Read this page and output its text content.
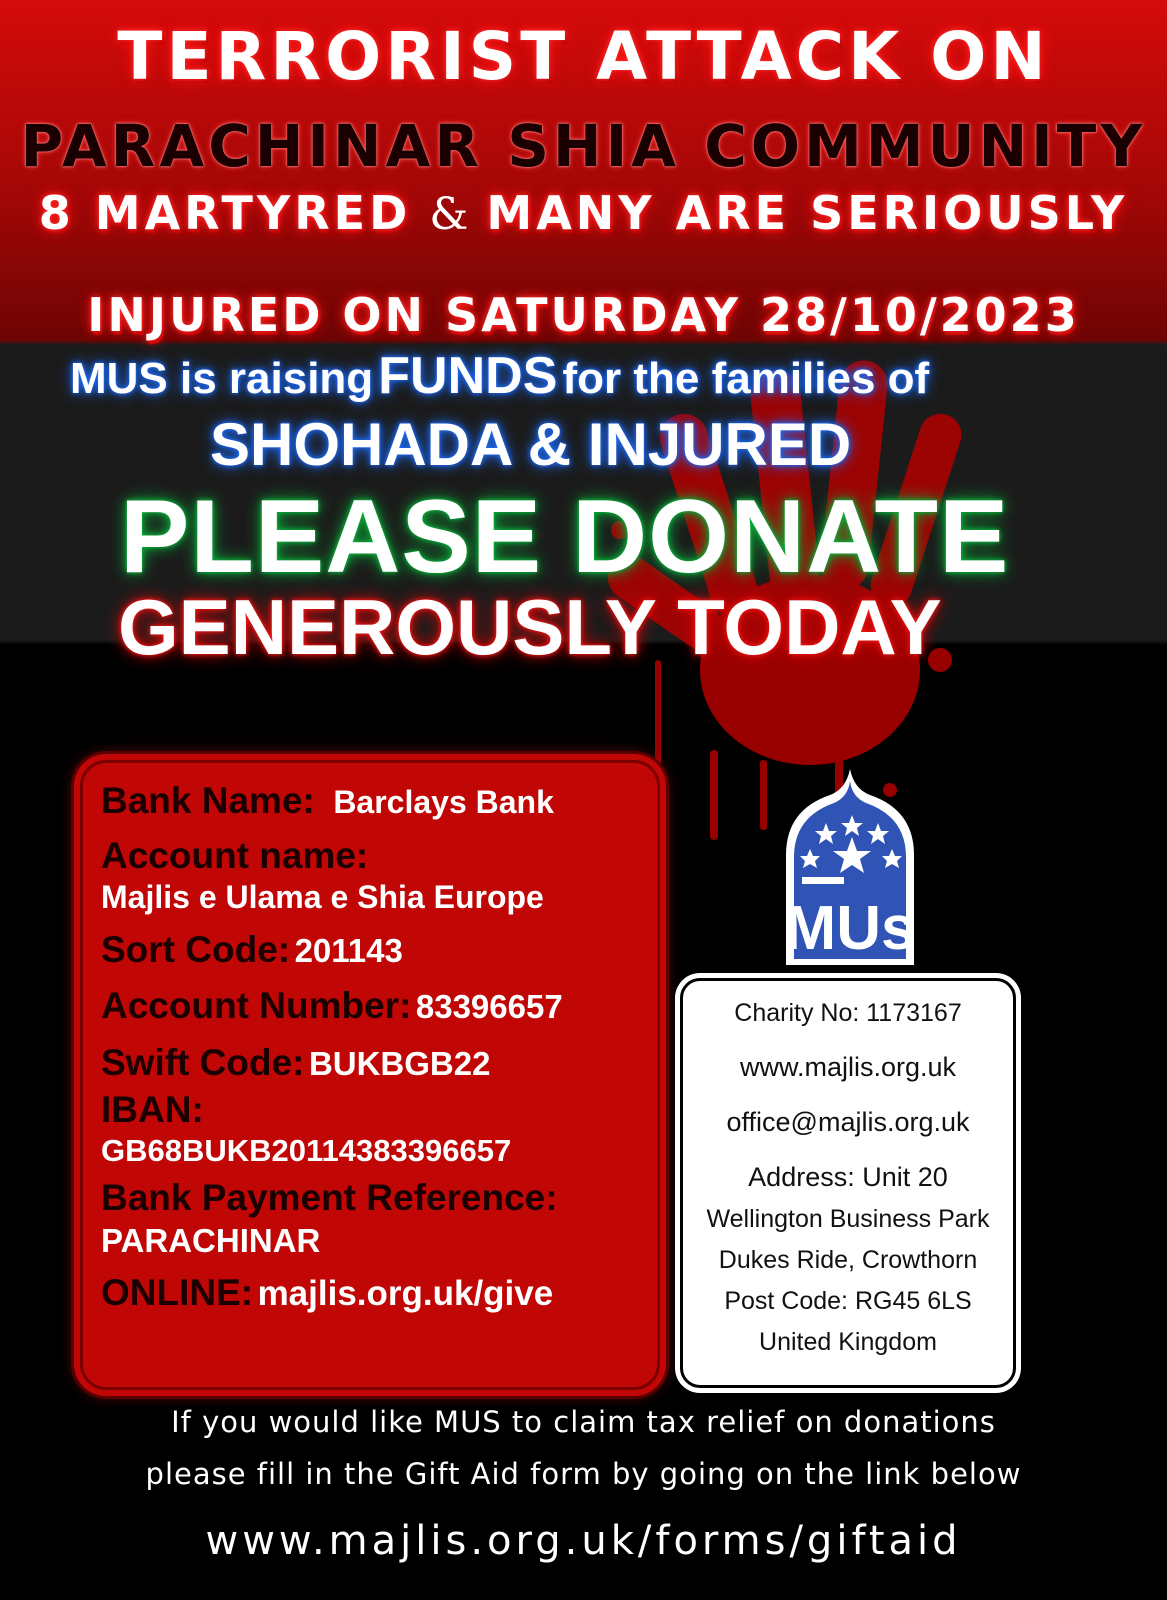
TERRORIST ATTACK ON
PARACHINAR SHIA COMMUNITY
8 MARTYRED & MANY ARE SERIOUSLY
INJURED ON SATURDAY 28/10/2023
MUS is raising FUNDS for the families of
SHOHADA & INJURED
PLEASE DONATE
GENEROUSLY TODAY
Bank Name: Barclays Bank
Account name:
Majlis e Ulama e Shia Europe
Sort Code: 201143
Account Number: 83396657
Swift Code: BUKBGB22
IBAN:
GB68BUKB20114383396657
Bank Payment Reference:
PARACHINAR
ONLINE: majlis.org.uk/give
MUs
Charity No: 1173167
www.majlis.org.uk
office@majlis.org.uk
Address: Unit 20
Wellington Business Park
Dukes Ride, Crowthorn
Post Code: RG45 6LS
United Kingdom
If you would like MUS to claim tax relief on donations
please fill in the Gift Aid form by going on the link below
www.majlis.org.uk/forms/giftaid
